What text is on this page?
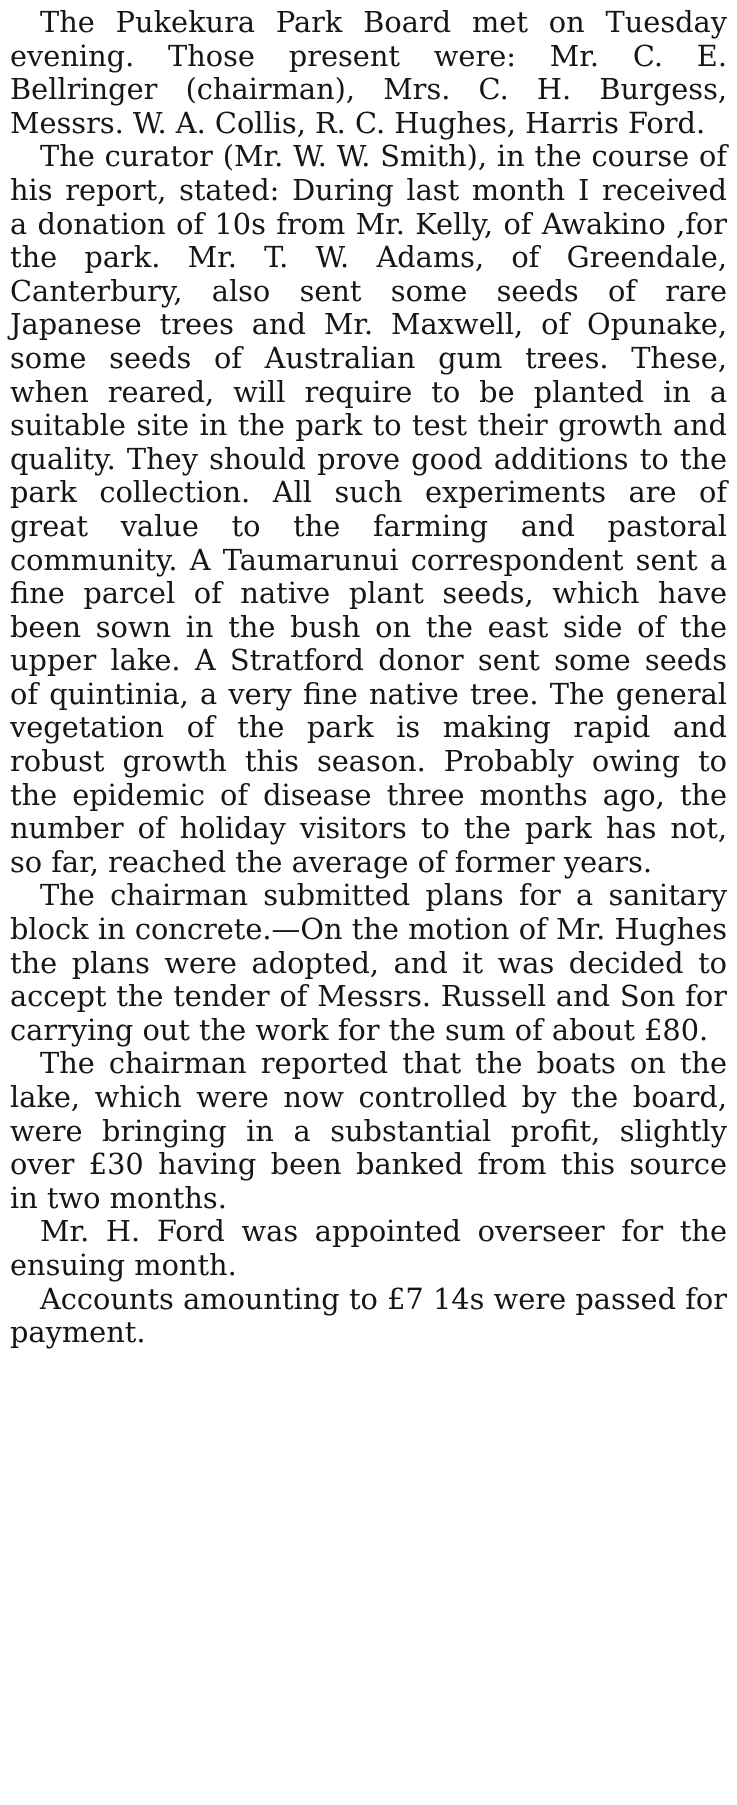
The Pukekura Park Board met on Tuesday evening. Those present were: Mr. C. E. Bellringer (chairman), Mrs. C. H. Burgess, Messrs. W. A. Collis, R. C. Hughes, Harris Ford.

The curator (Mr. W. W. Smith), in the course of his report, stated: During last month I received a donation of 10s from Mr. Kelly, of Awakino ,for the park. Mr. T. W. Adams, of Greendale, Canterbury, also sent some seeds of rare Japanese trees and Mr. Maxwell, of Opunake, some seeds of Australian gum trees. These, when reared, will require to be planted in a suitable site in the park to test their growth and quality. They should prove good additions to the park collection. All such experiments are of great value to the farming and pastoral community. A Taumarunui correspondent sent a fine parcel of native plant seeds, which have been sown in the bush on the east side of the upper lake. A Stratford donor sent some seeds of quintinia, a very fine native tree. The general vegetation of the park is making rapid and robust growth this season. Probably owing to the epidemic of disease three months ago, the number of holiday visitors to the park has not, so far, reached the average of former years.

The chairman submitted plans for a sanitary block in concrete.—On the motion of Mr. Hughes the plans were adopted, and it was decided to accept the tender of Messrs. Russell and Son for carrying out the work for the sum of about £80.

The chairman reported that the boats on the lake, which were now controlled by the board, were bringing in a substantial profit, slightly over £30 having been banked from this source in two months.

Mr. H. Ford was appointed overseer for the ensuing month.

Accounts amounting to £7 14s were passed for payment.
